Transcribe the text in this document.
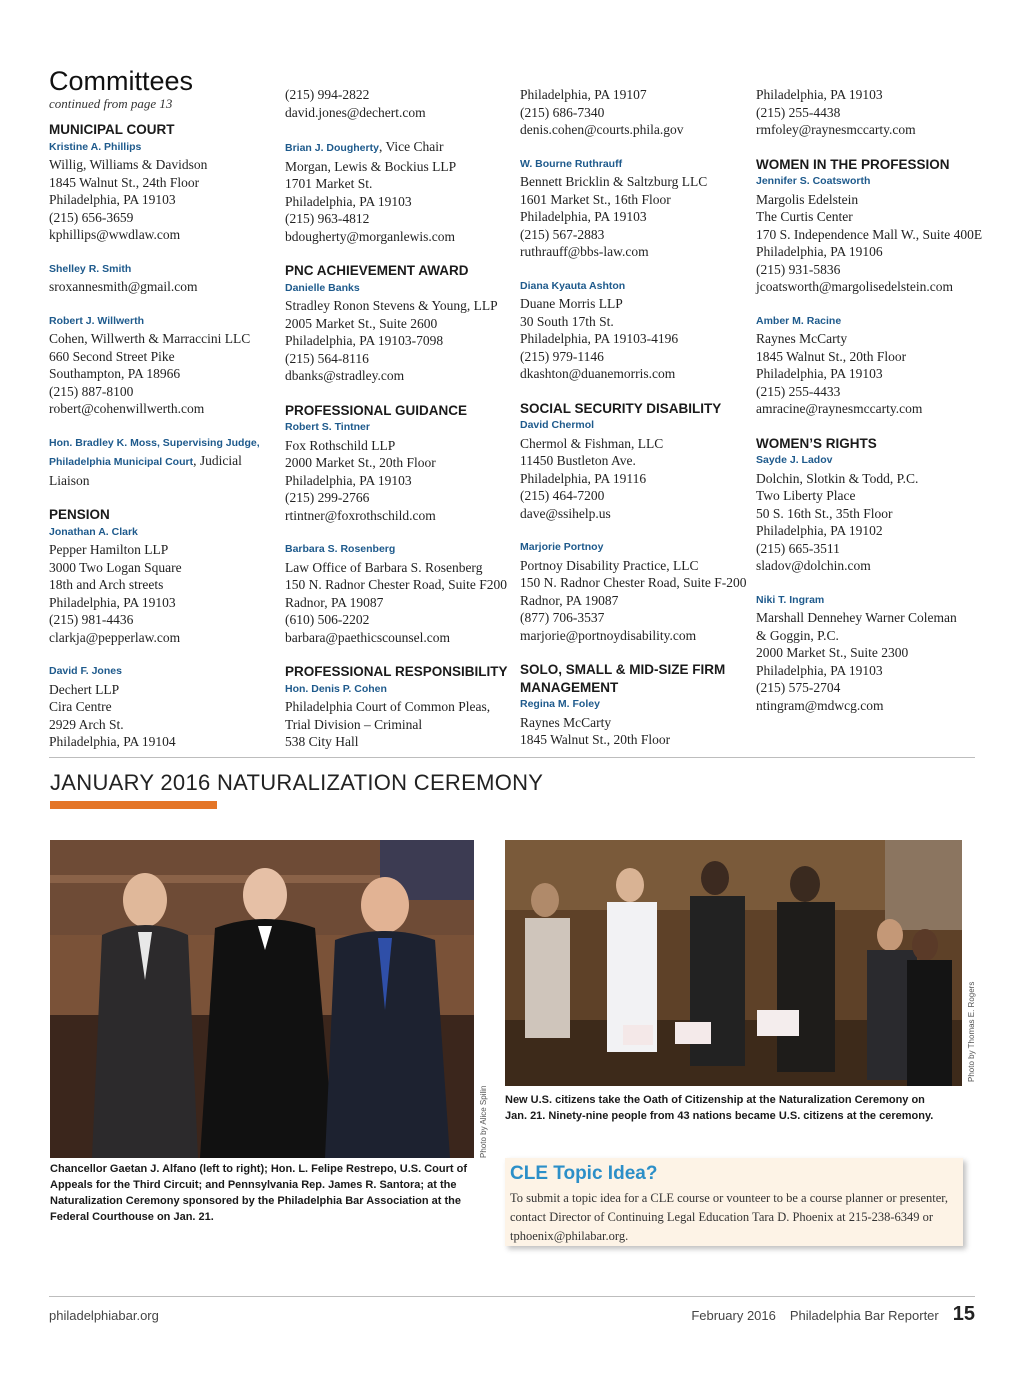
Committees
continued from page 13
MUNICIPAL COURT
Kristine A. Phillips
Willig, Williams & Davidson
1845 Walnut St., 24th Floor
Philadelphia, PA 19103
(215) 656-3659
kphillips@wwdlaw.com
Shelley R. Smith
sroxannesmith@gmail.com
Robert J. Willwerth
Cohen, Willwerth & Marraccini LLC
660 Second Street Pike
Southampton, PA 18966
(215) 887-8100
robert@cohenwillwerth.com
Hon. Bradley K. Moss, Supervising Judge,
Philadelphia Municipal Court, Judicial
Liaison
PENSION
Jonathan A. Clark
Pepper Hamilton LLP
3000 Two Logan Square
18th and Arch streets
Philadelphia, PA 19103
(215) 981-4436
clarkja@pepperlaw.com
David F. Jones
Dechert LLP
Cira Centre
2929 Arch St.
Philadelphia, PA 19104
(215) 994-2822
david.jones@dechert.com
Brian J. Dougherty, Vice Chair
Morgan, Lewis & Bockius LLP
1701 Market St.
Philadelphia, PA 19103
(215) 963-4812
bdougherty@morganlewis.com
PNC ACHIEVEMENT AWARD
Danielle Banks
Stradley Ronon Stevens & Young, LLP
2005 Market St., Suite 2600
Philadelphia, PA 19103-7098
(215) 564-8116
dbanks@stradley.com
PROFESSIONAL GUIDANCE
Robert S. Tintner
Fox Rothschild LLP
2000 Market St., 20th Floor
Philadelphia, PA 19103
(215) 299-2766
rtintner@foxrothschild.com
Barbara S. Rosenberg
Law Office of Barbara S. Rosenberg
150 N. Radnor Chester Road, Suite F200
Radnor, PA 19087
(610) 506-2202
barbara@paethicscounsel.com
PROFESSIONAL RESPONSIBILITY
Hon. Denis P. Cohen
Philadelphia Court of Common Pleas,
Trial Division – Criminal
538 City Hall
Philadelphia, PA 19107
(215) 686-7340
denis.cohen@courts.phila.gov
W. Bourne Ruthrauff
Bennett Bricklin & Saltzburg LLC
1601 Market St., 16th Floor
Philadelphia, PA 19103
(215) 567-2883
ruthrauff@bbs-law.com
Diana Kyauta Ashton
Duane Morris LLP
30 South 17th St.
Philadelphia, PA 19103-4196
(215) 979-1146
dkashton@duanemorris.com
SOCIAL SECURITY DISABILITY
David Chermol
Chermol & Fishman, LLC
11450 Bustleton Ave.
Philadelphia, PA 19116
(215) 464-7200
dave@ssihelp.us
Marjorie Portnoy
Portnoy Disability Practice, LLC
150 N. Radnor Chester Road, Suite F-200
Radnor, PA 19087
(877) 706-3537
marjorie@portnoydisability.com
SOLO, SMALL & MID-SIZE FIRM MANAGEMENT
Regina M. Foley
Raynes McCarty
1845 Walnut St., 20th Floor
Philadelphia, PA 19103
(215) 255-4438
rmfoley@raynesmccarty.com
WOMEN IN THE PROFESSION
Jennifer S. Coatsworth
Margolis Edelstein
The Curtis Center
170 S. Independence Mall W., Suite 400E
Philadelphia, PA 19106
(215) 931-5836
jcoatsworth@margolisedelstein.com
Amber M. Racine
Raynes McCarty
1845 Walnut St., 20th Floor
Philadelphia, PA 19103
(215) 255-4433
amracine@raynesmccarty.com
WOMEN’S RIGHTS
Sayde J. Ladov
Dolchin, Slotkin & Todd, P.C.
Two Liberty Place
50 S. 16th St., 35th Floor
Philadelphia, PA 19102
(215) 665-3511
sladov@dolchin.com
Niki T. Ingram
Marshall Dennehey Warner Coleman
& Goggin, P.C.
2000 Market St., Suite 2300
Philadelphia, PA 19103
(215) 575-2704
ntingram@mdwcg.com
JANUARY 2016 NATURALIZATION CEREMONY
Photo by Alice Spilin
Photo by Thomas E. Rogers
Chancellor Gaetan J. Alfano (left to right); Hon. L. Felipe Restrepo, U.S. Court of Appeals for the Third Circuit; and Pennsylvania Rep. James R. Santora; at the Naturalization Ceremony sponsored by the Philadelphia Bar Association at the Federal Courthouse on Jan. 21.
New U.S. citizens take the Oath of Citizenship at the Naturalization Ceremony on Jan. 21. Ninety-nine people from 43 nations became U.S. citizens at the ceremony.
CLE Topic Idea?
To submit a topic idea for a CLE course or vounteer to be a course planner or presenter, contact Director of Continuing Legal Education Tara D. Phoenix at 215-238-6349 or tphoenix@philabar.org.
philadelphiabar.org	February 2016 Philadelphia Bar Reporter 15
